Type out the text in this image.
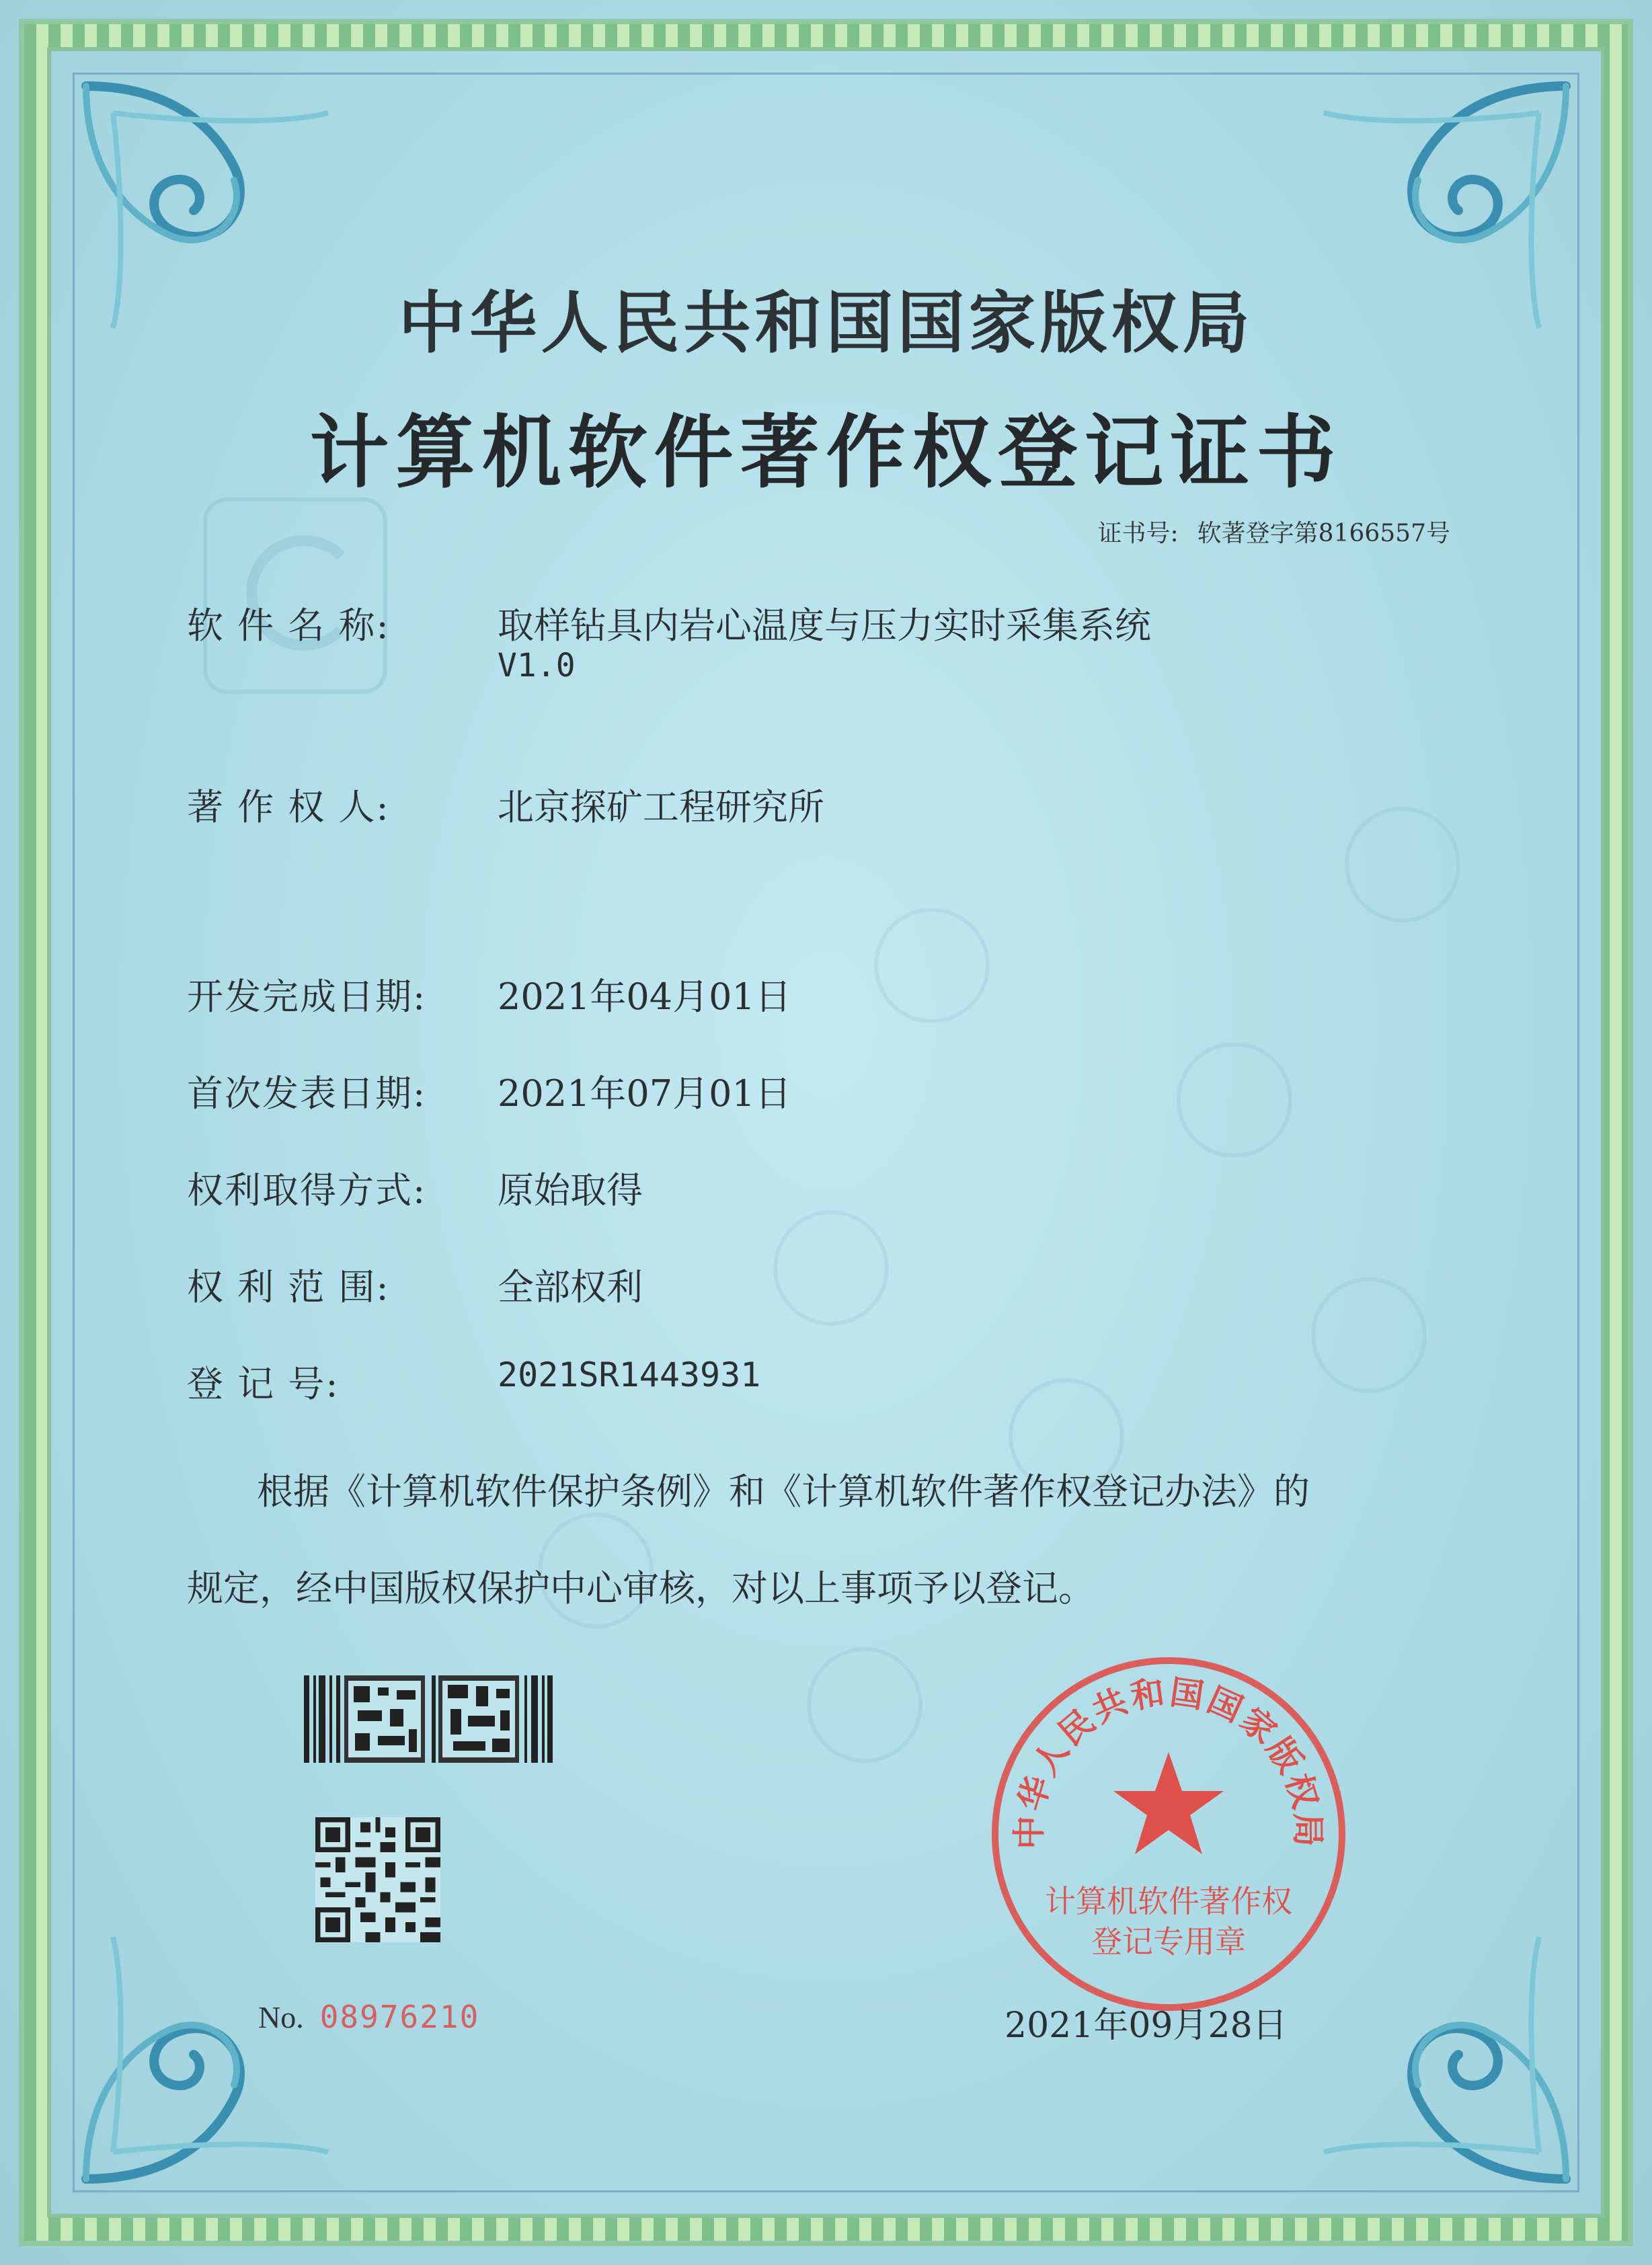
中华人民共和国国家版权局
计算机软件著作权登记证书
证书号: 软著登字第8166557号
软 件 名 称:	取样钻具内岩心温度与压力实时采集系统
V1.0
著 作 权 人:	北京探矿工程研究所
开发完成日期: 2021年04月01日
首次发表日期: 2021年07月01日
权利取得方式: 原始取得
权 利 范 围:	全部权利
登 记 号:	2021SR1443931
根据《计算机软件保护条例》和《计算机软件著作权登记办法》的
规定，经中国版权保护中心审核，对以上事项予以登记。
No. 08976210
中华人民共和国国家版权局
计算机软件著作权
登记专用章
2021年09月28日
